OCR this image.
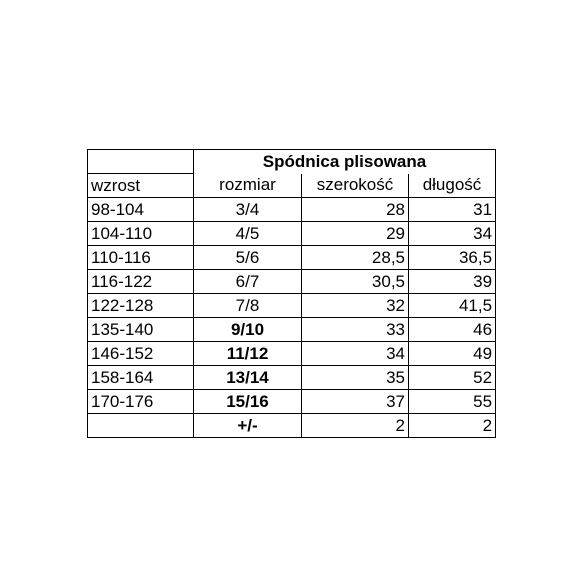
	Spódnica plisowana		
wzrost	rozmiar	szerokość	długość
98-104	3/4	28	31
104-110	4/5	29	34
110-116	5/6	28,5	36,5
116-122	6/7	30,5	39
122-128	7/8	32	41,5
135-140	9/10	33	46
146-152	11/12	34	49
158-164	13/14	35	52
170-176	15/16	37	55
	+/-	2	2
